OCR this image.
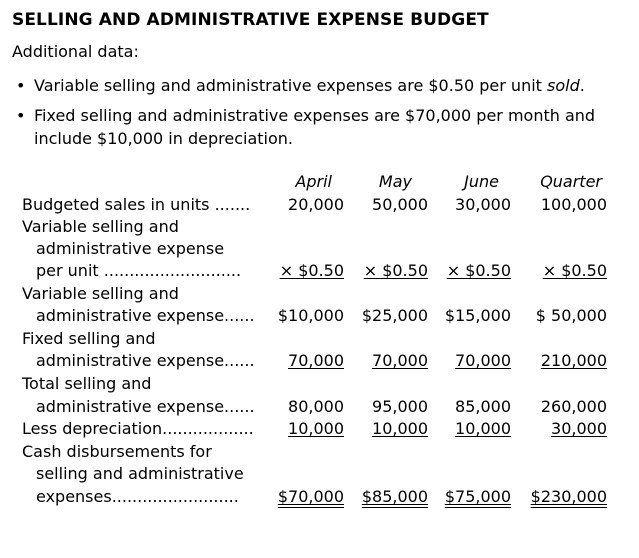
SELLING AND ADMINISTRATIVE EXPENSE BUDGET
Additional data:
• Variable selling and administrative expenses are $0.50 per unit sold.
• Fixed selling and administrative expenses are $70,000 per month and
include $10,000 in depreciation.
April	May	June	Quarter
Budgeted sales in units .......	20,000	50,000	30,000	100,000
Variable selling and
administrative expense
per unit ...........................	× $0.50	× $0.50	× $0.50	× $0.50
Variable selling and
administrative expense......	$10,000	$25,000	$15,000	$ 50,000
Fixed selling and
administrative expense......	70,000	70,000	70,000	210,000
Total selling and
administrative expense......	80,000	95,000	85,000	260,000
Less depreciation..................	10,000	10,000	10,000	30,000
Cash disbursements for
selling and administrative
expenses.........................	$70,000	$85,000	$75,000 $230,000
